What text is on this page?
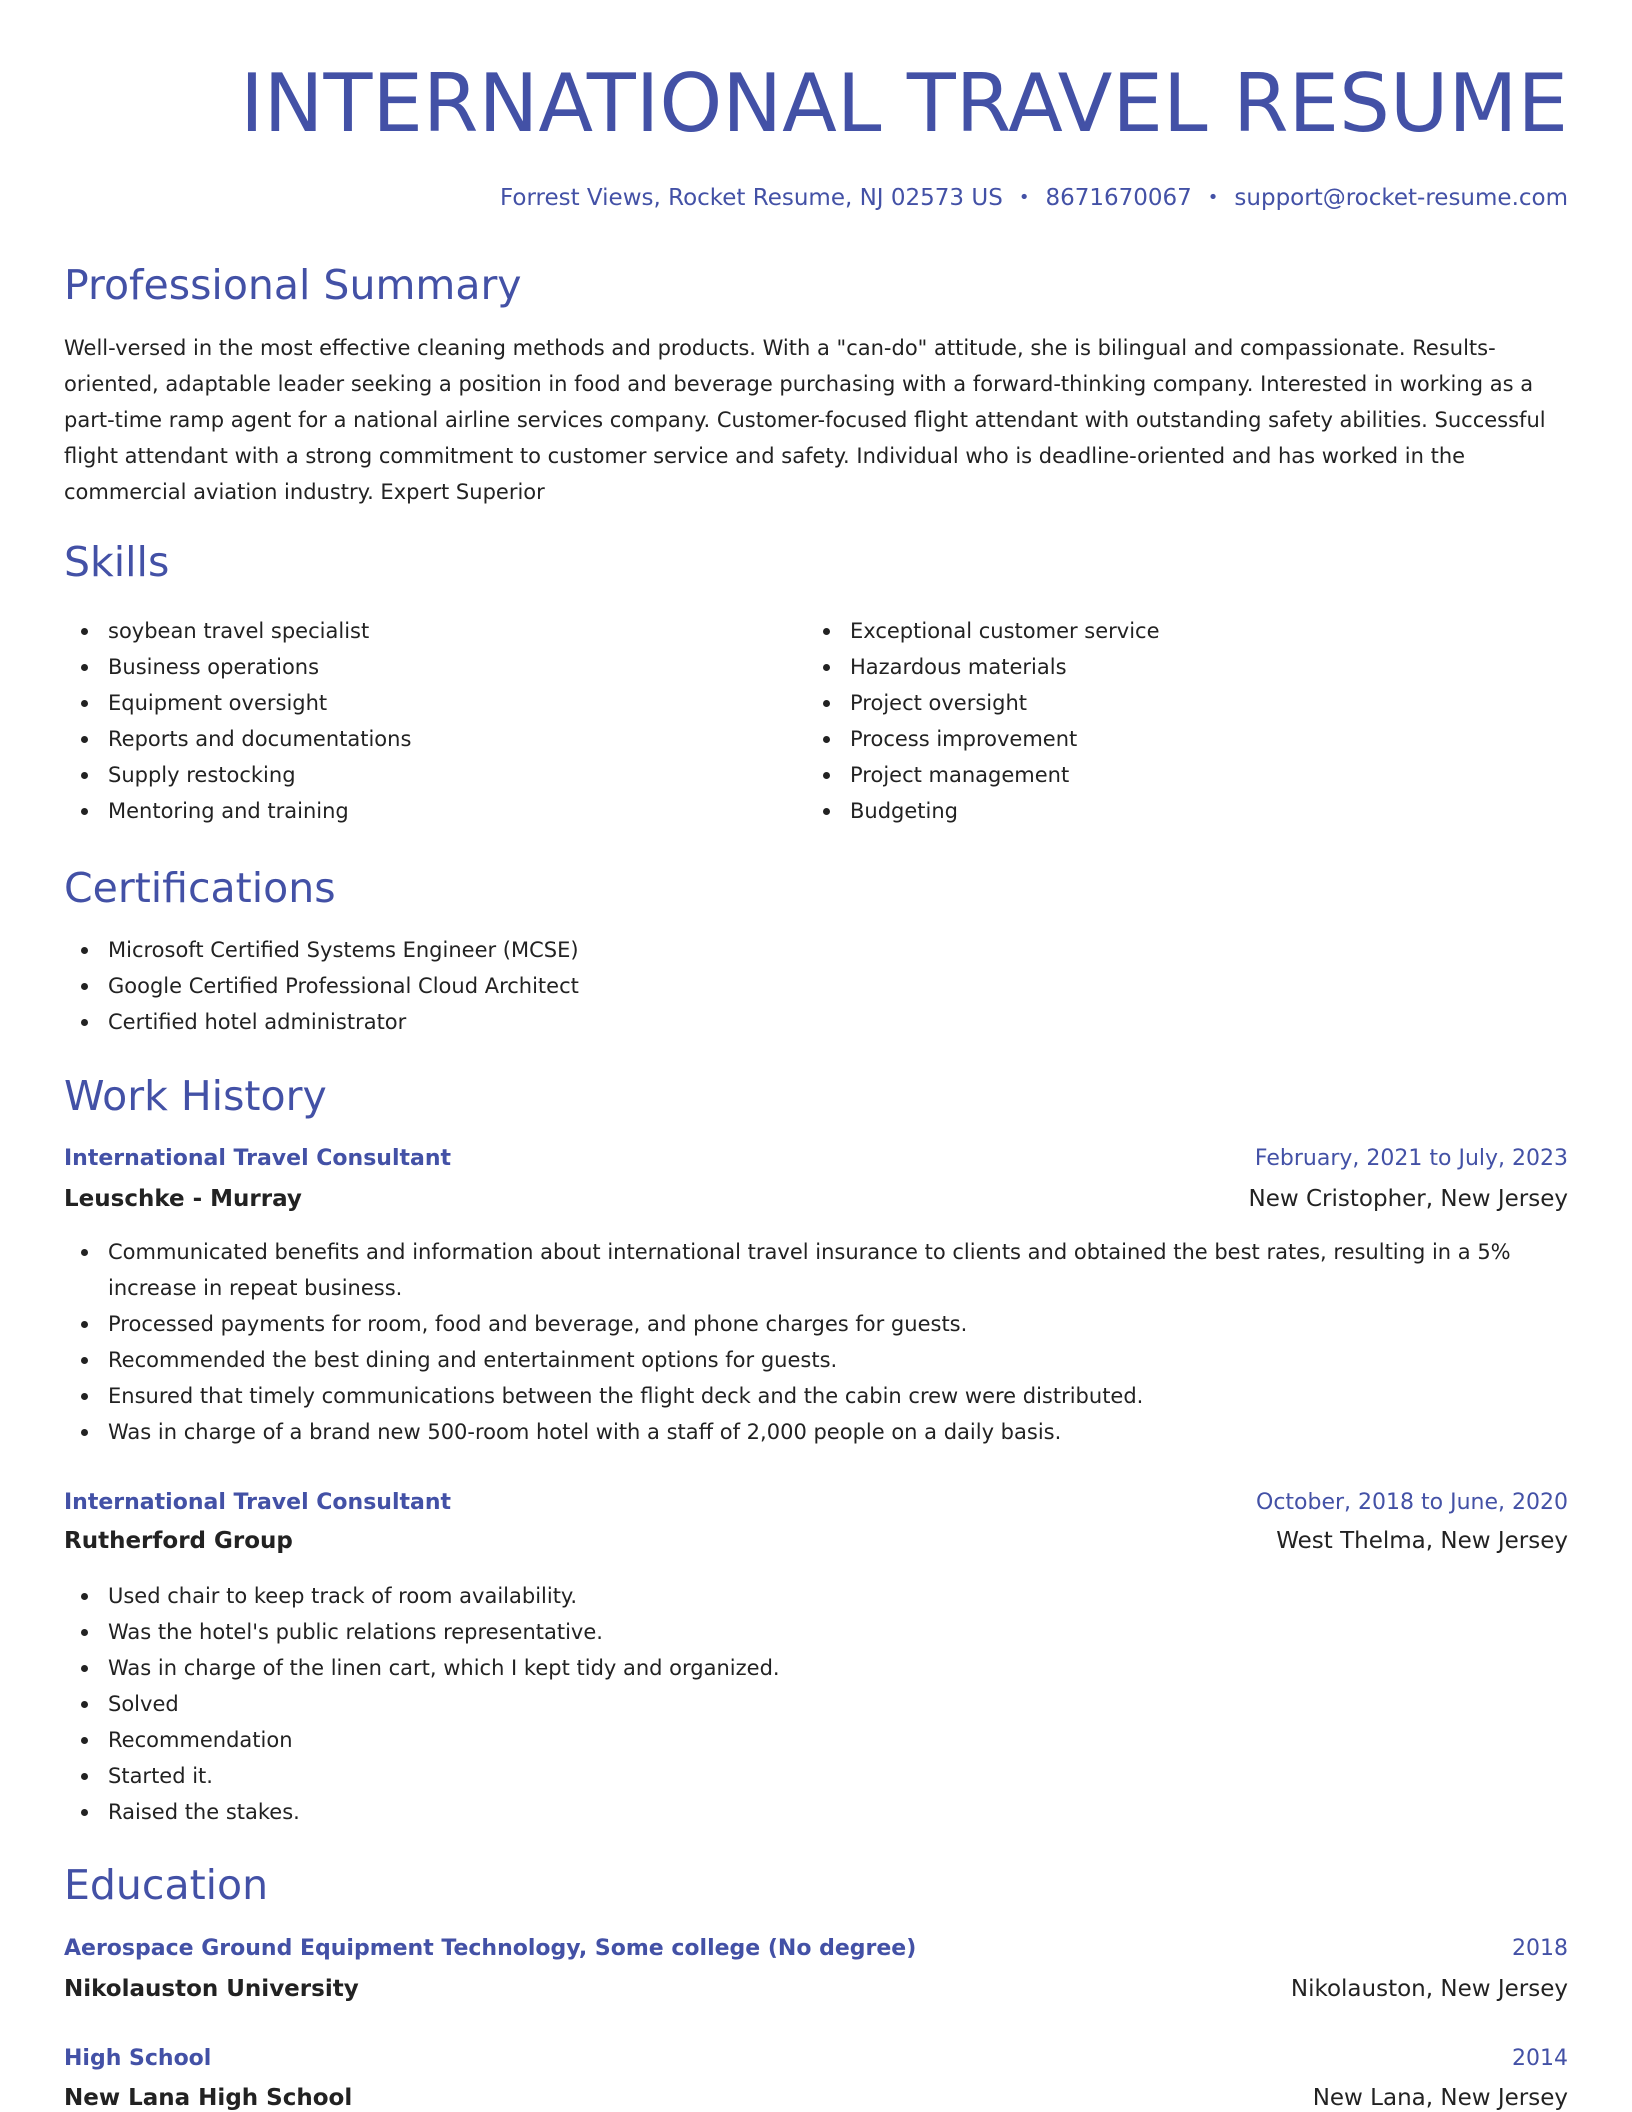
INTERNATIONAL TRAVEL RESUME
Forrest Views, Rocket Resume, NJ 02573 US • 8671670067 • support@rocket-resume.com
Professional Summary

Well-versed in the most effective cleaning methods and products. With a "can-do" attitude, she is bilingual and compassionate. Results-oriented, adaptable leader seeking a position in food and beverage purchasing with a forward-thinking company. Interested in working as a part-time ramp agent for a national airline services company. Customer-focused flight attendant with outstanding safety abilities. Successful flight attendant with a strong commitment to customer service and safety. Individual who is deadline-oriented and has worked in the commercial aviation industry. Expert Superior

Skills
soybean travel specialist
Business operations
Equipment oversight
Reports and documentations
Supply restocking
Mentoring and training
Exceptional customer service
Hazardous materials
Project oversight
Process improvement
Project management
Budgeting
Certifications
Microsoft Certified Systems Engineer (MCSE)
Google Certified Professional Cloud Architect
Certified hotel administrator
Work History
International Travel Consultant	February, 2021 to July, 2023
Leuschke - Murray	New Cristopher, New Jersey
Communicated benefits and information about international travel insurance to clients and obtained the best rates, resulting in a 5% increase in repeat business.
Processed payments for room, food and beverage, and phone charges for guests.
Recommended the best dining and entertainment options for guests.
Ensured that timely communications between the flight deck and the cabin crew were distributed.
Was in charge of a brand new 500-room hotel with a staff of 2,000 people on a daily basis.
International Travel Consultant	October, 2018 to June, 2020
Rutherford Group	West Thelma, New Jersey
Used chair to keep track of room availability.
Was the hotel's public relations representative.
Was in charge of the linen cart, which I kept tidy and organized.
Solved
Recommendation
Started it.
Raised the stakes.
Education
Aerospace Ground Equipment Technology, Some college (No degree)	2018
Nikolauston University	Nikolauston, New Jersey
High School	2014
New Lana High School	New Lana, New Jersey
